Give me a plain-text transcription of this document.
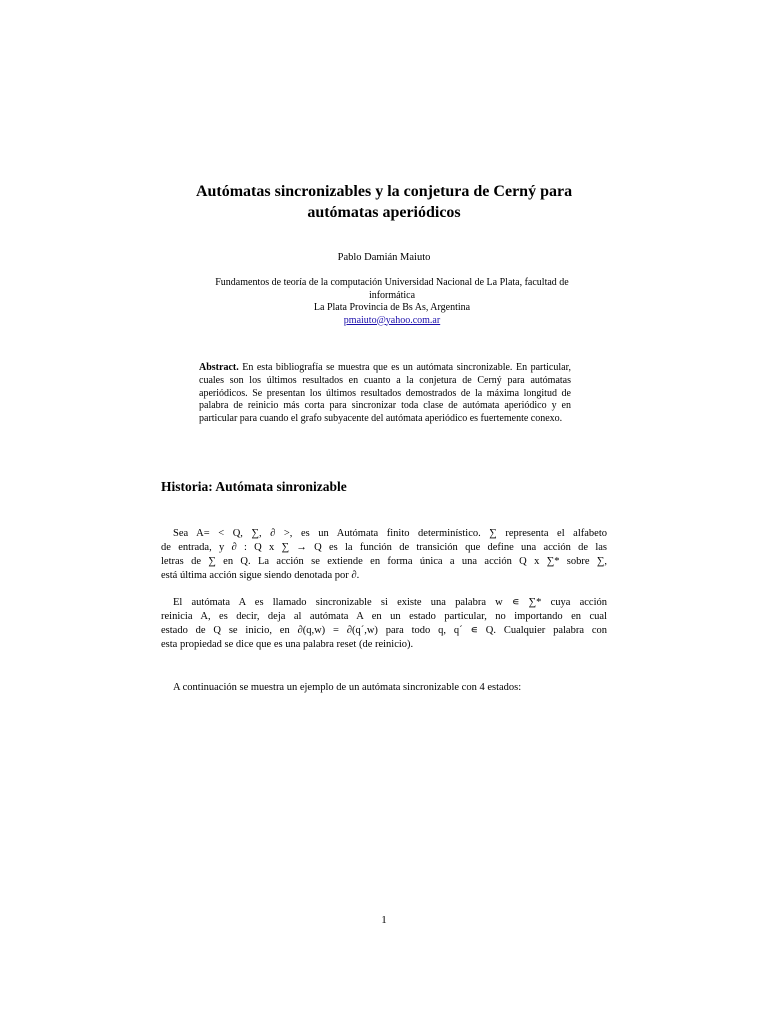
Autómatas sincronizables y la conjetura de Cerný para
autómatas aperiódicos
Pablo Damián Maiuto
Fundamentos de teoría de la computación Universidad Nacional de La Plata, facultad de
informática
La Plata Provincia de Bs As, Argentina
pmaiuto@yahoo.com.ar
Abstract. En esta bibliografía se muestra que es un autómata sincronizable. En particular, cuales son los últimos resultados en cuanto a la conjetura de Cerný para autómatas aperiódicos. Se presentan los últimos resultados demostrados de la máxima longitud de palabra de reinicio más corta para sincronizar toda clase de autómata aperiódico y en particular para cuando el grafo subyacente del autómata aperiódico es fuertemente conexo.
Historia: Autómata sinronizable
Sea A= < Q, ∑, ∂ >, es un Autómata finito determinístico. ∑ representa el alfabeto
de entrada, y ∂ : Q x ∑ → Q es la función de transición que define una acción de las
letras de ∑ en Q. La acción se extiende en forma única a una acción Q x ∑* sobre ∑,
está última acción sigue siendo denotada por ∂.
El autómata A es llamado sincronizable si existe una palabra w ∊ ∑* cuya acción
reinicia A, es decir, deja al autómata A en un estado particular, no importando en cual
estado de Q se inicio, en ∂(q,w) = ∂(q´,w) para todo q, q´ ∊ Q. Cualquier palabra con
esta propiedad se dice que es una palabra reset (de reinicio).
A continuación se muestra un ejemplo de un autómata sincronizable con 4 estados:
1
